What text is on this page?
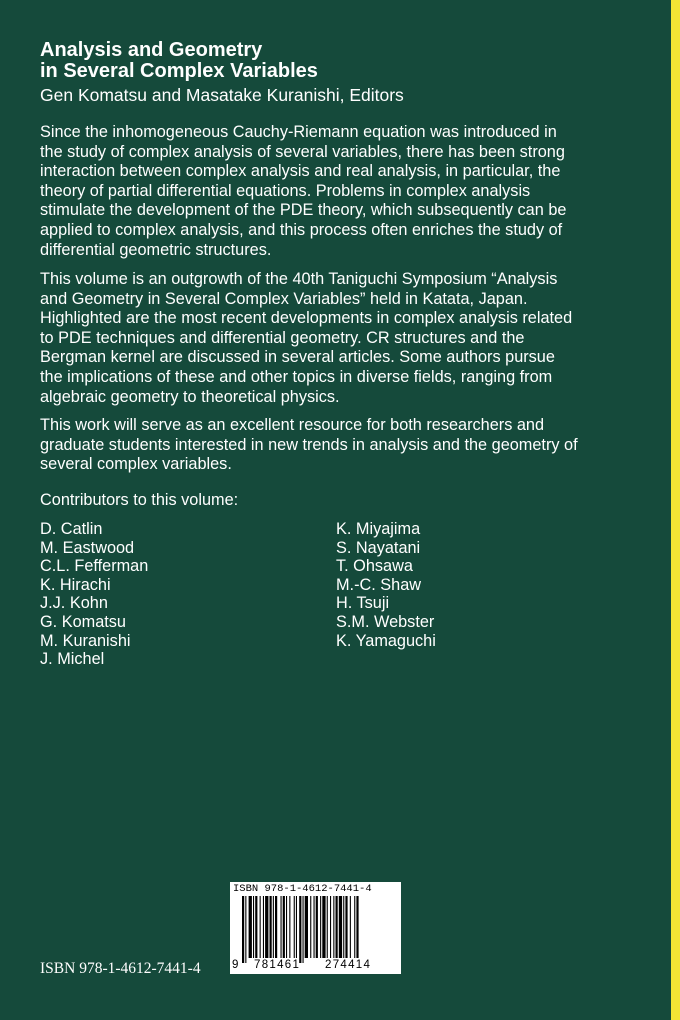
Analysis and Geometry
in Several Complex Variables
Gen Komatsu and Masatake Kuranishi, Editors
Since the inhomogeneous Cauchy-Riemann equation was introduced in
the study of complex analysis of several variables, there has been strong
interaction between complex analysis and real analysis, in particular, the
theory of partial differential equations. Problems in complex analysis
stimulate the development of the PDE theory, which subsequently can be
applied to complex analysis, and this process often enriches the study of
differential geometric structures.
This volume is an outgrowth of the 40th Taniguchi Symposium “Analysis
and Geometry in Several Complex Variables” held in Katata, Japan.
Highlighted are the most recent developments in complex analysis related
to PDE techniques and differential geometry. CR structures and the
Bergman kernel are discussed in several articles. Some authors pursue
the implications of these and other topics in diverse fields, ranging from
algebraic geometry to theoretical physics.
This work will serve as an excellent resource for both researchers and
graduate students interested in new trends in analysis and the geometry of
several complex variables.
Contributors to this volume:
D. Catlin
M. Eastwood
C.L. Fefferman
K. Hirachi
J.J. Kohn
G. Komatsu
M. Kuranishi
J. Michel
K. Miyajima
S. Nayatani
T. Ohsawa
M.-C. Shaw
H. Tsuji
S.M. Webster
K. Yamaguchi
ISBN 978-1-4612-7441-4
9 781461 274414
ISBN 978-1-4612-7441-4
